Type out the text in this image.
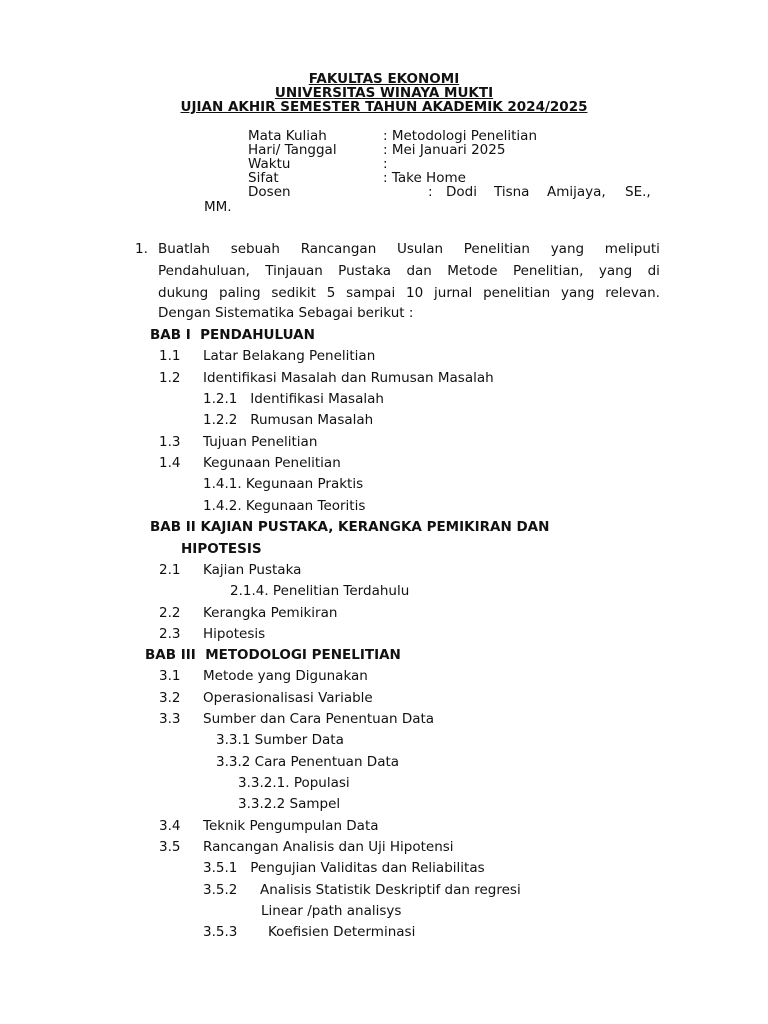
FAKULTAS EKONOMI
UNIVERSITAS WINAYA MUKTI
UJIAN AKHIR SEMESTER TAHUN AKADEMIK 2024/2025
Mata Kuliah	: Metodologi Penelitian
Hari/ Tanggal	: Mei Januari 2025
Waktu	:
Sifat	: Take Home
Dosen	: Dodi Tisna Amijaya, SE.,
MM.
1. Buatlah sebuah Rancangan Usulan Penelitian yang meliputi
Pendahuluan, Tinjauan Pustaka dan Metode Penelitian, yang di
dukung paling sedikit 5 sampai 10 jurnal penelitian yang relevan.
Dengan Sistematika Sebagai berikut :
BAB I  PENDAHULUAN
1.1 Latar Belakang Penelitian
1.2 Identifikasi Masalah dan Rumusan Masalah
1.2.1   Identifikasi Masalah
1.2.2   Rumusan Masalah
1.3 Tujuan Penelitian
1.4 Kegunaan Penelitian
1.4.1. Kegunaan Praktis
1.4.2. Kegunaan Teoritis
BAB II KAJIAN PUSTAKA, KERANGKA PEMIKIRAN DAN
HIPOTESIS
2.1 Kajian Pustaka
2.1.4. Penelitian Terdahulu
2.2 Kerangka Pemikiran
2.3 Hipotesis
BAB III  METODOLOGI PENELITIAN
3.1 Metode yang Digunakan
3.2 Operasionalisasi Variable
3.3 Sumber dan Cara Penentuan Data
3.3.1 Sumber Data
3.3.2 Cara Penentuan Data
3.3.2.1. Populasi
3.3.2.2 Sampel
3.4 Teknik Pengumpulan Data
3.5 Rancangan Analisis dan Uji Hipotensi
3.5.1   Pengujian Validitas dan Reliabilitas
3.5.2 Analisis Statistik Deskriptif dan regresi
Linear /path analisys
3.5.3 Koefisien Determinasi
